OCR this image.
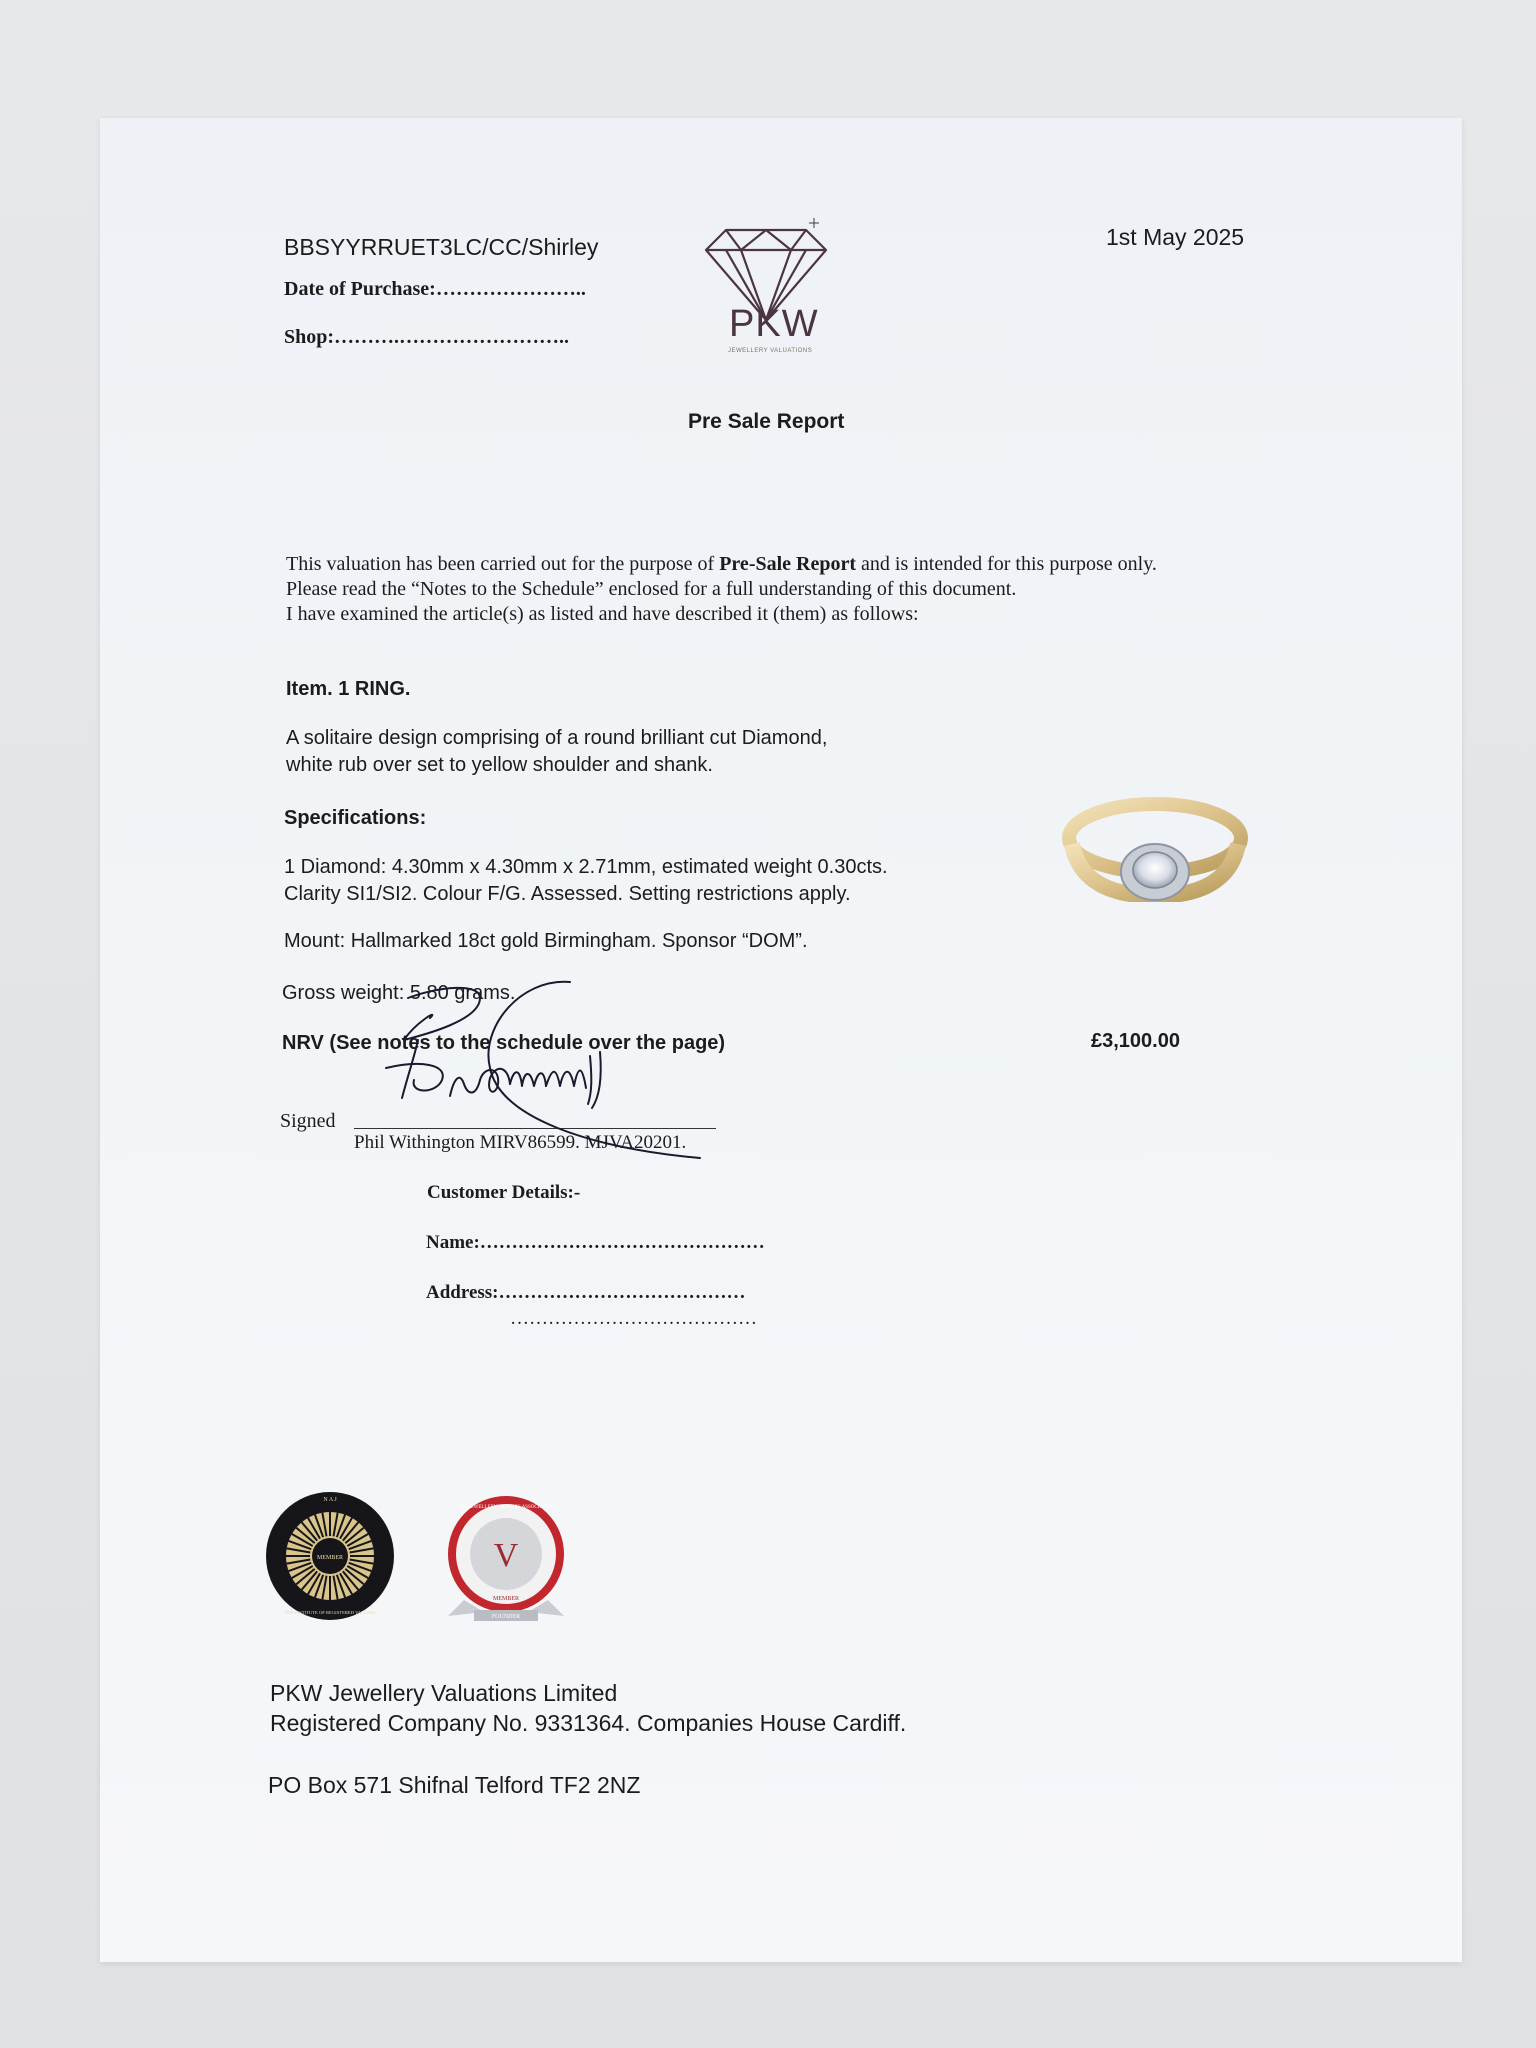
BBSYYRRUET3LC/CC/Shirley	1st May 2025
Date of Purchase:…………………..
Shop:……….……………………..	PKW
JEWELLERY VALUATIONS
Pre Sale Report
This valuation has been carried out for the purpose of Pre-Sale Report and is intended for this purpose only.
Please read the “Notes to the Schedule” enclosed for a full understanding of this document.
I have examined the article(s) as listed and have described it (them) as follows:
Item. 1 RING.
A solitaire design comprising of a round brilliant cut Diamond,
white rub over set to yellow shoulder and shank.
Specifications:
1 Diamond: 4.30mm x 4.30mm x 2.71mm, estimated weight 0.30cts.
Clarity SI1/SI2. Colour F/G. Assessed. Setting restrictions apply.
Mount: Hallmarked 18ct gold Birmingham. Sponsor “DOM”.
Gross weight: 5.80 grams.
NRV (See notes to the schedule over the page)	£3,100.00
Signed
Phil Withington MIRV86599. MJVA20201.
Customer Details:-
Name:………………………………………
Address:…………………………………
…………………………………
MEMBER
N A J
THE INSTITUTE OF REGISTERED VALUERS
V
THE JEWELLERY VALUERS ASSOCIATION
MEMBER
FOUNDER
PKW Jewellery Valuations Limited
Registered Company No. 9331364. Companies House Cardiff.
PO Box 571 Shifnal Telford TF2 2NZ
